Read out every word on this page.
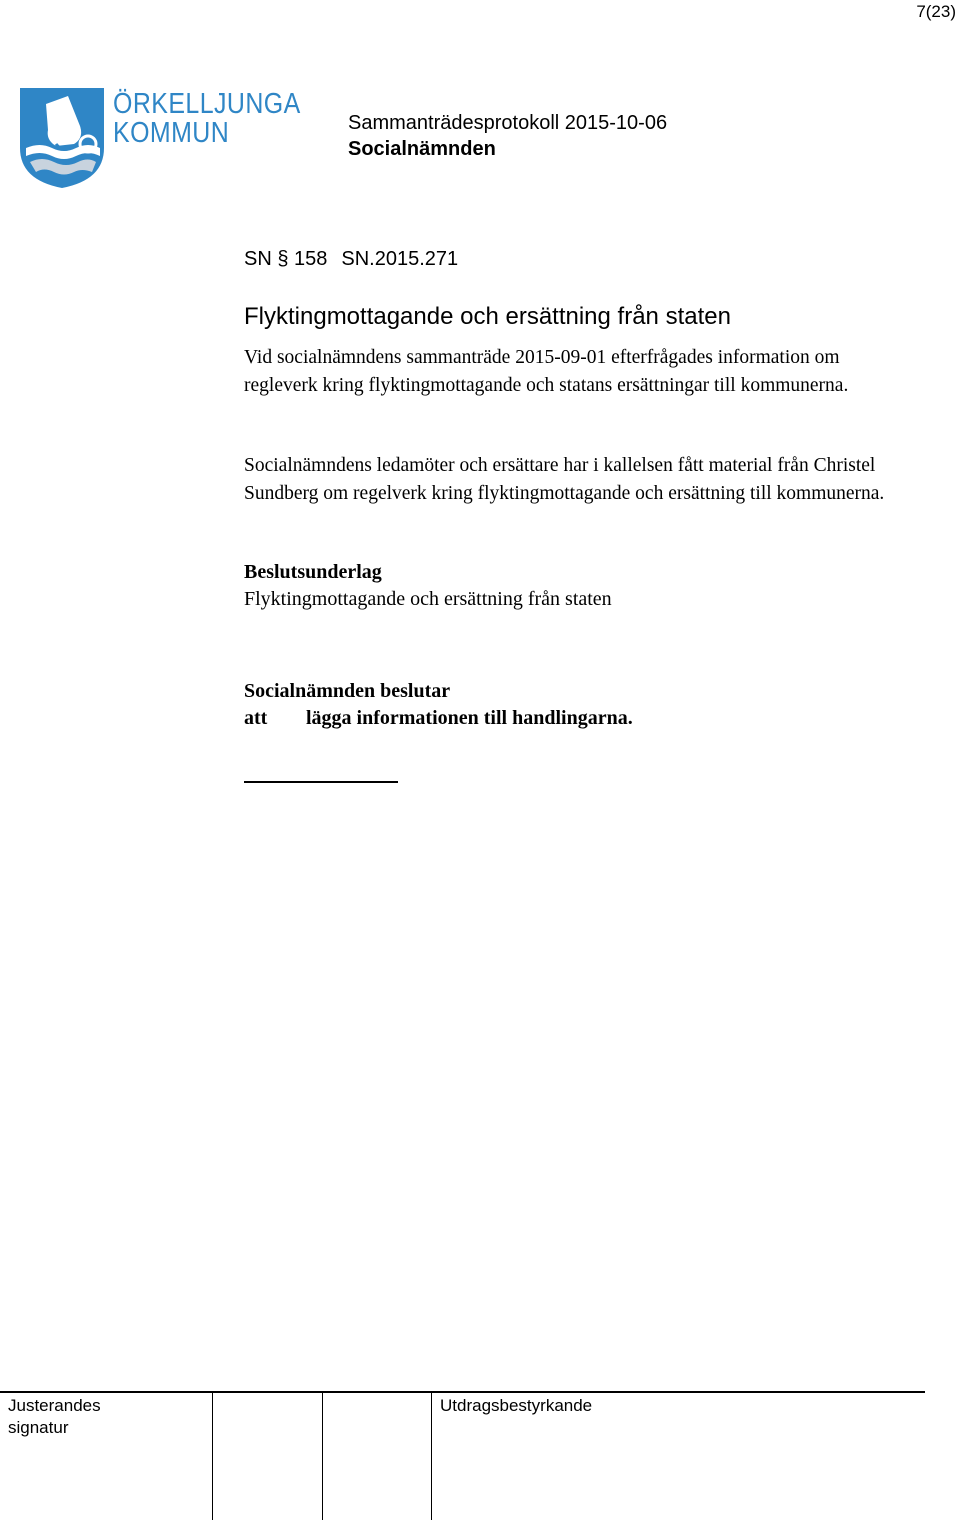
7(23)
ÖRKELLJUNGA
KOMMUN	Sammanträdesprotokoll 2015-10-06
Socialnämnden
SN § 158 SN.2015.271
Flyktingmottagande och ersättning från staten
Vid socialnämndens sammanträde 2015-09-01 efterfrågades information om regleverk kring flyktingmottagande och statans ersättningar till kommunerna.
Socialnämndens ledamöter och ersättare har i kallelsen fått material från Christel Sundberg om regelverk kring flyktingmottagande och ersättning till kommunerna.
Beslutsunderlag
Flyktingmottagande och ersättning från staten
Socialnämnden beslutar
att lägga informationen till handlingarna.
Justerandes signatur
Utdragsbestyrkande
